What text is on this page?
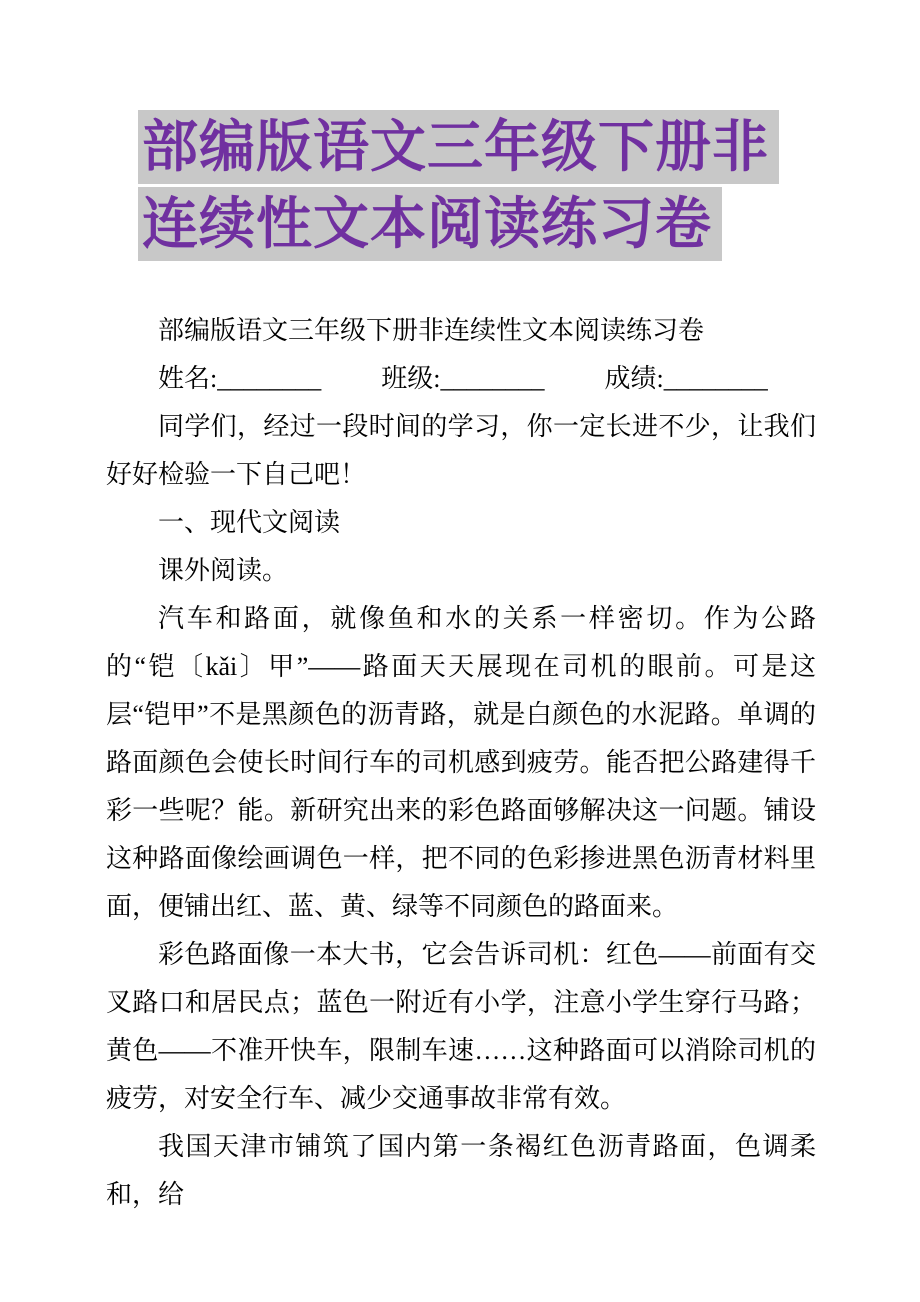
部编版语文三年级下册非
连续性文本阅读练习卷

部编版语文三年级下册非连续性文本阅读练习卷

姓名:________ 班级:________ 成绩:________

同学们，经过一段时间的学习，你一定长进不少，让我们好好检验一下自己吧！

一、现代文阅读

课外阅读。

汽车和路面，就像鱼和水的关系一样密切。作为公路的“铠〔kǎi〕甲”——路面天天展现在司机的眼前。可是这层“铠甲”不是黑颜色的沥青路，就是白颜色的水泥路。单调的路面颜色会使长时间行车的司机感到疲劳。能否把公路建得千彩一些呢？能。新研究出来的彩色路面够解决这一问题。铺设这种路面像绘画调色一样，把不同的色彩掺进黑色沥青材料里面，便铺出红、蓝、黄、绿等不同颜色的路面来。

彩色路面像一本大书，它会告诉司机：红色——前面有交叉路口和居民点；蓝色一附近有小学，注意小学生穿行马路；黄色——不准开快车，限制车速……这种路面可以消除司机的疲劳，对安全行车、减少交通事故非常有效。

我国天津市铺筑了国内第一条褐红色沥青路面，色调柔和，给
